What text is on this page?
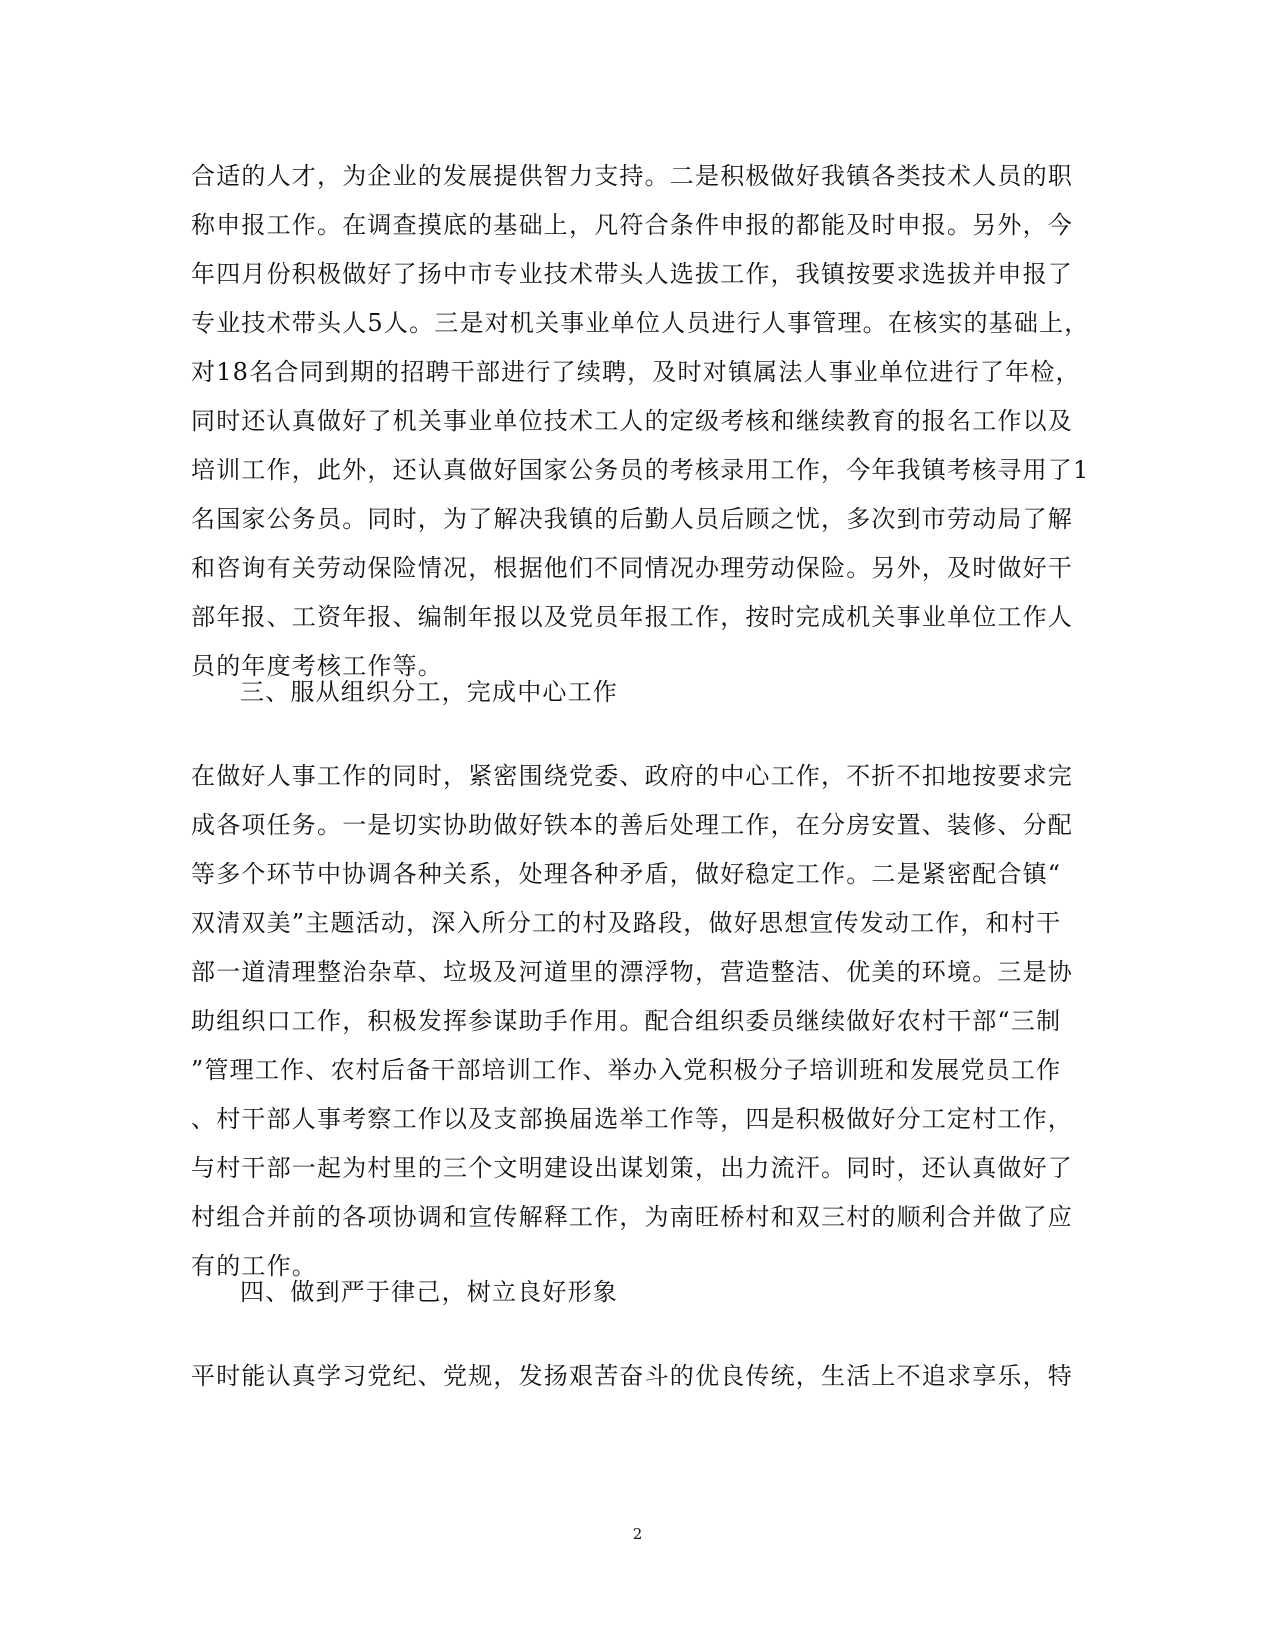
合适的人才，为企业的发展提供智力支持。二是积极做好我镇各类技术人员的职
称申报工作。在调查摸底的基础上，凡符合条件申报的都能及时申报。另外，今
年四月份积极做好了扬中市专业技术带头人选拔工作，我镇按要求选拔并申报了
专业技术带头人5人。三是对机关事业单位人员进行人事管理。在核实的基础上，
对18名合同到期的招聘干部进行了续聘，及时对镇属法人事业单位进行了年检，
同时还认真做好了机关事业单位技术工人的定级考核和继续教育的报名工作以及
培训工作，此外，还认真做好国家公务员的考核录用工作，今年我镇考核寻用了1
名国家公务员。同时，为了解决我镇的后勤人员后顾之忧，多次到市劳动局了解
和咨询有关劳动保险情况，根据他们不同情况办理劳动保险。另外，及时做好干
部年报、工资年报、编制年报以及党员年报工作，按时完成机关事业单位工作人
员的年度考核工作等。
三、服从组织分工，完成中心工作
在做好人事工作的同时，紧密围绕党委、政府的中心工作，不折不扣地按要求完
成各项任务。一是切实协助做好铁本的善后处理工作，在分房安置、装修、分配
等多个环节中协调各种关系，处理各种矛盾，做好稳定工作。二是紧密配合镇“
双清双美”主题活动，深入所分工的村及路段，做好思想宣传发动工作，和村干
部一道清理整治杂草、垃圾及河道里的漂浮物，营造整洁、优美的环境。三是协
助组织口工作，积极发挥参谋助手作用。配合组织委员继续做好农村干部“三制
”管理工作、农村后备干部培训工作、举办入党积极分子培训班和发展党员工作
、村干部人事考察工作以及支部换届选举工作等，四是积极做好分工定村工作，
与村干部一起为村里的三个文明建设出谋划策，出力流汗。同时，还认真做好了
村组合并前的各项协调和宣传解释工作，为南旺桥村和双三村的顺利合并做了应
有的工作。
四、做到严于律己，树立良好形象
平时能认真学习党纪、党规，发扬艰苦奋斗的优良传统，生活上不追求享乐，特
2
